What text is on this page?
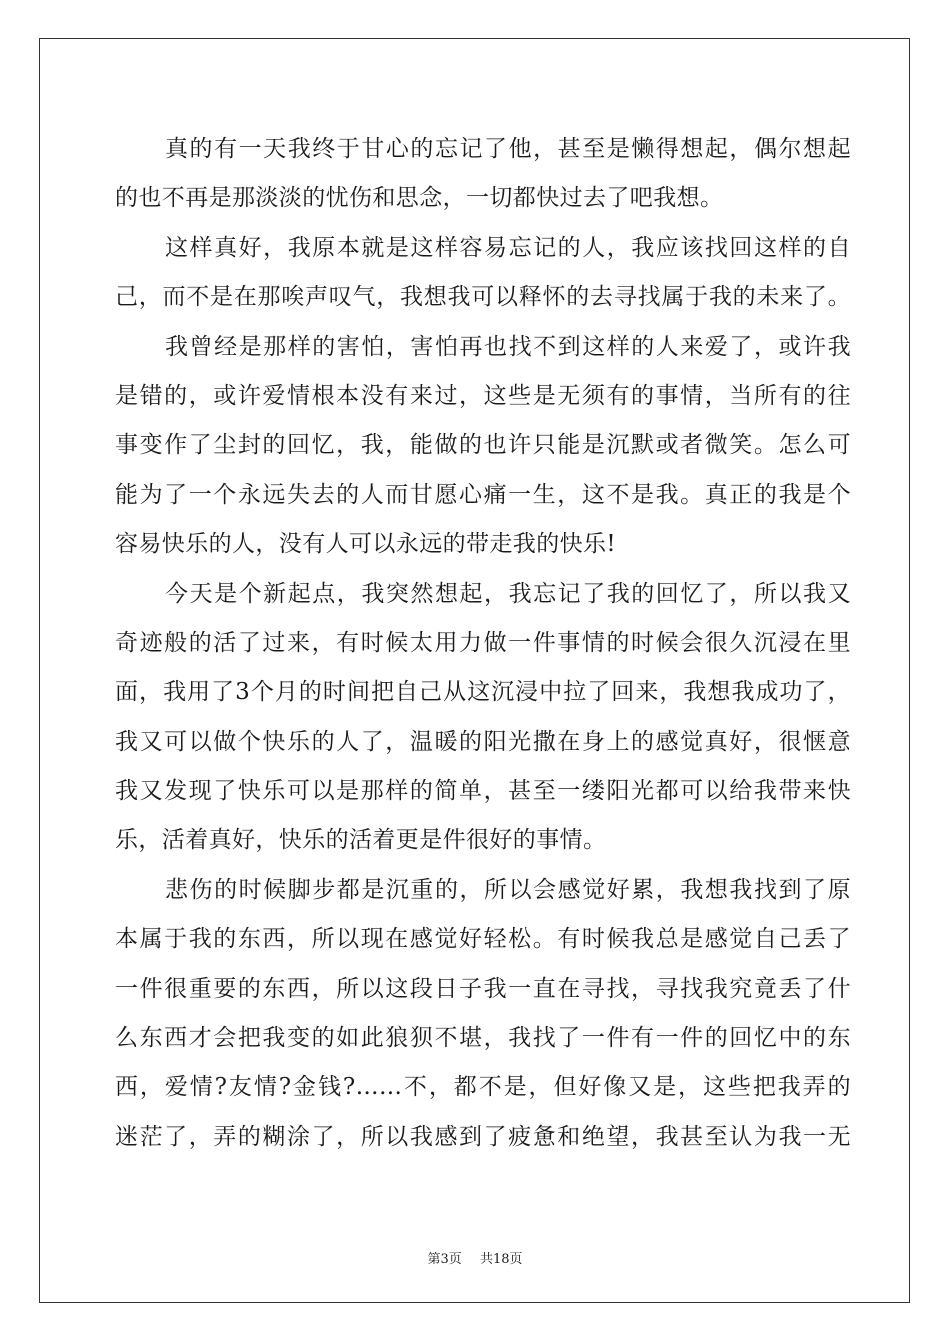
真的有一天我终于甘心的忘记了他，甚至是懒得想起，偶尔想起
的也不再是那淡淡的忧伤和思念，一切都快过去了吧我想。
这样真好，我原本就是这样容易忘记的人，我应该找回这样的自
己，而不是在那唉声叹气，我想我可以释怀的去寻找属于我的未来了。
我曾经是那样的害怕，害怕再也找不到这样的人来爱了，或许我
是错的，或许爱情根本没有来过，这些是无须有的事情，当所有的往
事变作了尘封的回忆，我，能做的也许只能是沉默或者微笑。怎么可
能为了一个永远失去的人而甘愿心痛一生，这不是我。真正的我是个
容易快乐的人，没有人可以永远的带走我的快乐!
今天是个新起点，我突然想起，我忘记了我的回忆了，所以我又
奇迹般的活了过来，有时候太用力做一件事情的时候会很久沉浸在里
面，我用了3个月的时间把自己从这沉浸中拉了回来，我想我成功了，
我又可以做个快乐的人了，温暖的阳光撒在身上的感觉真好，很惬意
我又发现了快乐可以是那样的简单，甚至一缕阳光都可以给我带来快
乐，活着真好，快乐的活着更是件很好的事情。
悲伤的时候脚步都是沉重的，所以会感觉好累，我想我找到了原
本属于我的东西，所以现在感觉好轻松。有时候我总是感觉自己丢了
一件很重要的东西，所以这段日子我一直在寻找，寻找我究竟丢了什
么东西才会把我变的如此狼狈不堪，我找了一件有一件的回忆中的东
西，爱情?友情?金钱?……不，都不是，但好像又是，这些把我弄的
迷茫了，弄的糊涂了，所以我感到了疲惫和绝望，我甚至认为我一无
第3页 共18页
